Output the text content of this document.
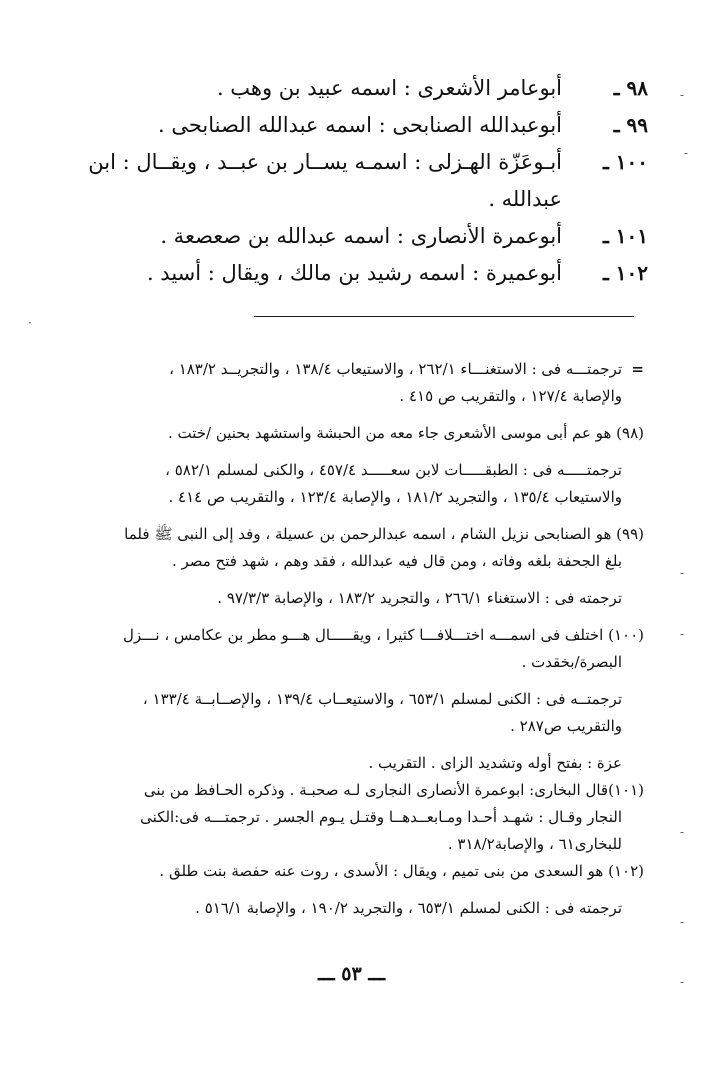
٩٨ ـ
أبوعامر الأشعرى : اسمه عبيد بن وهب .
٩٩ ـ
أبوعبدالله الصنابحى : اسمه عبدالله الصنابحى .
١٠٠ ـ
أبـوعَزّة الهـزلى : اسمـه يســار بن عبــد ، ويقــال : ابن
عبدالله .
١٠١ ـ
أبوعمرة الأنصارى : اسمه عبدالله بن صعصعة .
١٠٢ ـ
أبوعميرة : اسمه رشيد بن مالك ، ويقال : أسيد .
=ترجمتـــه فى : الاستغنـــاء ٢٦٢/١ ، والاستيعاب ١٣٨/٤ ، والتجريــد ١٨٣/٢ ،
والإصابة ١٢٧/٤ ، والتقريب ص ٤١٥ .
(٩٨) هو عم أبى موسى الأشعرى جاء معه من الحبشة واستشهد بحنين /ختت .
ترجمتـــــه فى : الطبقـــــات لابن سعـــــد ٤٥٧/٤ ، والكنى لمسلم ٥٨٢/١ ،
والاستيعاب ١٣٥/٤ ، والتجريد ١٨١/٢ ، والإصابة ١٢٣/٤ ، والتقريب ص ٤١٤ .
(٩٩) هو الصنابحى نزيل الشام ، اسمه عبدالرحمن بن عسيلة ، وفد إلى النبى ﷺ فلما
بلغ الجحفة بلغه وفاته ، ومن قال فيه عبدالله ، فقد وهم ، شهد فتح مصر .
ترجمته فى : الاستغناء ٢٦٦/١ ، والتجريد ١٨٣/٢ ، والإصابة ٩٧/٣/٣ .
(١٠٠) اختلف فى اسمـــه اختـــلافـــا كثيرا ، ويقـــــال هـــو مطر بن عكامس ، نـــزل
البصرة/بخقدت .
ترجمتــه فى : الكنى لمسلم ٦٥٣/١ ، والاستيعــاب ١٣٩/٤ ، والإصــابــة ١٣٣/٤ ،
والتقريب ص٢٨٧ .
عزة : بفتح أوله وتشديد الزاى . التقريب .
(١٠١)قال البخارى: ابوعمرة الأنصارى النجارى لـه صحبـة . وذكره الحـافظ من بنى
النجار وقـال : شهـد أحـدا ومـابعــدهــا وقتـل يـوم الجسر . ترجمتـــه فى:الكنى
للبخارى٦١ ، والإصابة٣١٨/٢ .
(١٠٢) هو السعدى من بنى تميم ، ويقال : الأسدى ، روت عنه حفصة بنت طلق .
ترجمته فى : الكنى لمسلم ٦٥٣/١ ، والتجريد ١٩٠/٢ ، والإصابة ٥١٦/١ .
ـــ ٥٣ ـــ
-
-
·
-
-
-
-
-
